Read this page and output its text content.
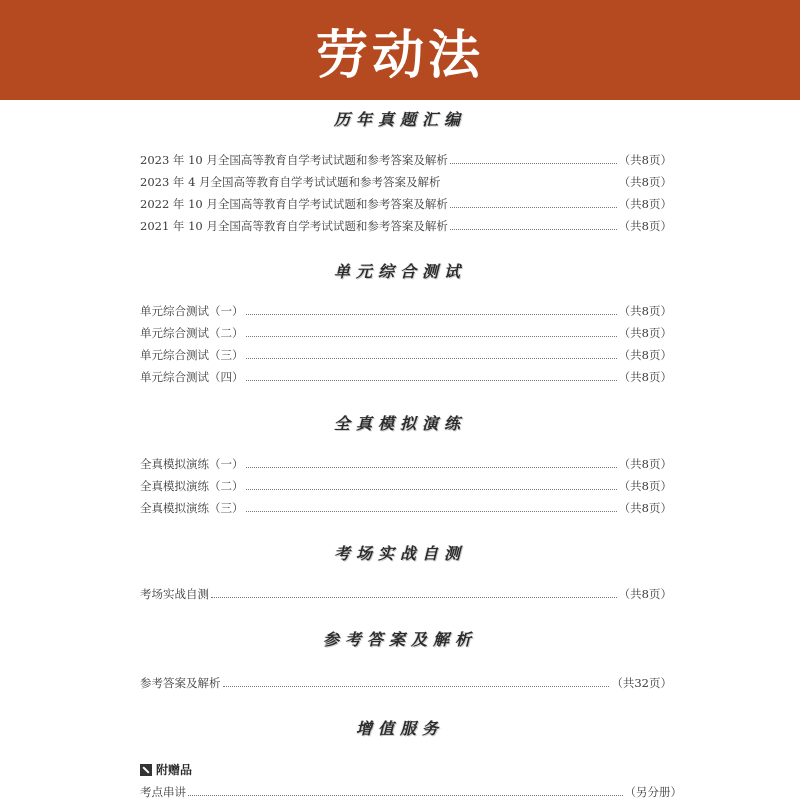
劳动法
历年真题汇编
2023 年 10 月全国高等教育自学考试试题和参考答案及解析	（共8页）
2023 年 4 月全国高等教育自学考试试题和参考答案及解析	（共8页）
2022 年 10 月全国高等教育自学考试试题和参考答案及解析	（共8页）
2021 年 10 月全国高等教育自学考试试题和参考答案及解析	（共8页）
单元综合测试
单元综合测试（一）	（共8页）
单元综合测试（二）	（共8页）
单元综合测试（三）	（共8页）
单元综合测试（四）	（共8页）
全真模拟演练
全真模拟演练（一）	（共8页）
全真模拟演练（二）	（共8页）
全真模拟演练（三）	（共8页）
考场实战自测
考场实战自测	（共8页）
参考答案及解析
参考答案及解析	（共32页）
增值服务
附赠品
考点串讲	（另分册）
